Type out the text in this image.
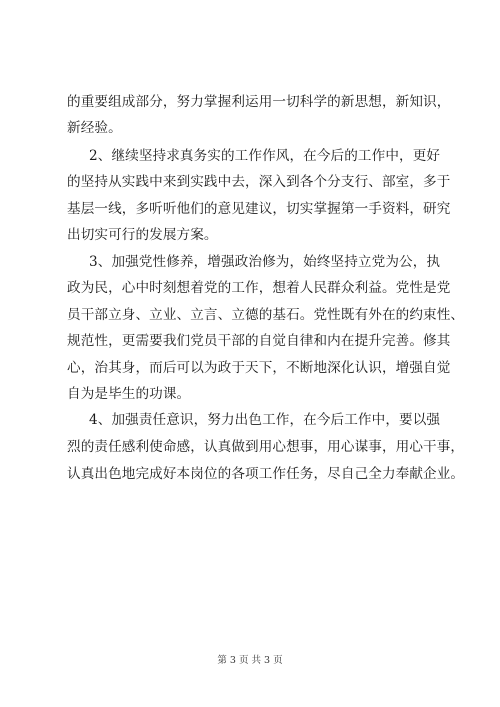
的重要组成部分，努力掌握利运用一切科学的新思想，新知识，
新经验。
2、继续坚持求真务实的工作作风，在今后的工作中，更好
的坚持从实践中来到实践中去，深入到各个分支行、部室，多于
基层一线，多听听他们的意见建议，切实掌握第一手资料，研究
出切实可行的发展方案。
3、加强党性修养，增强政治修为，始终坚持立党为公，执
政为民，心中时刻想着党的工作，想着人民群众利益。党性是党
员干部立身、立业、立言、立德的基石。党性既有外在的约束性、
规范性，更需要我们党员干部的自觉自律和内在提升完善。修其
心，治其身，而后可以为政于天下，不断地深化认识，增强自觉
自为是毕生的功课。
4、加强责任意识，努力出色工作，在今后工作中，要以强
烈的责任感利使命感，认真做到用心想事，用心谋事，用心干事，
认真出色地完成好本岗位的各项工作任务，尽自己全力奉献企业。
第 3 页 共 3 页
